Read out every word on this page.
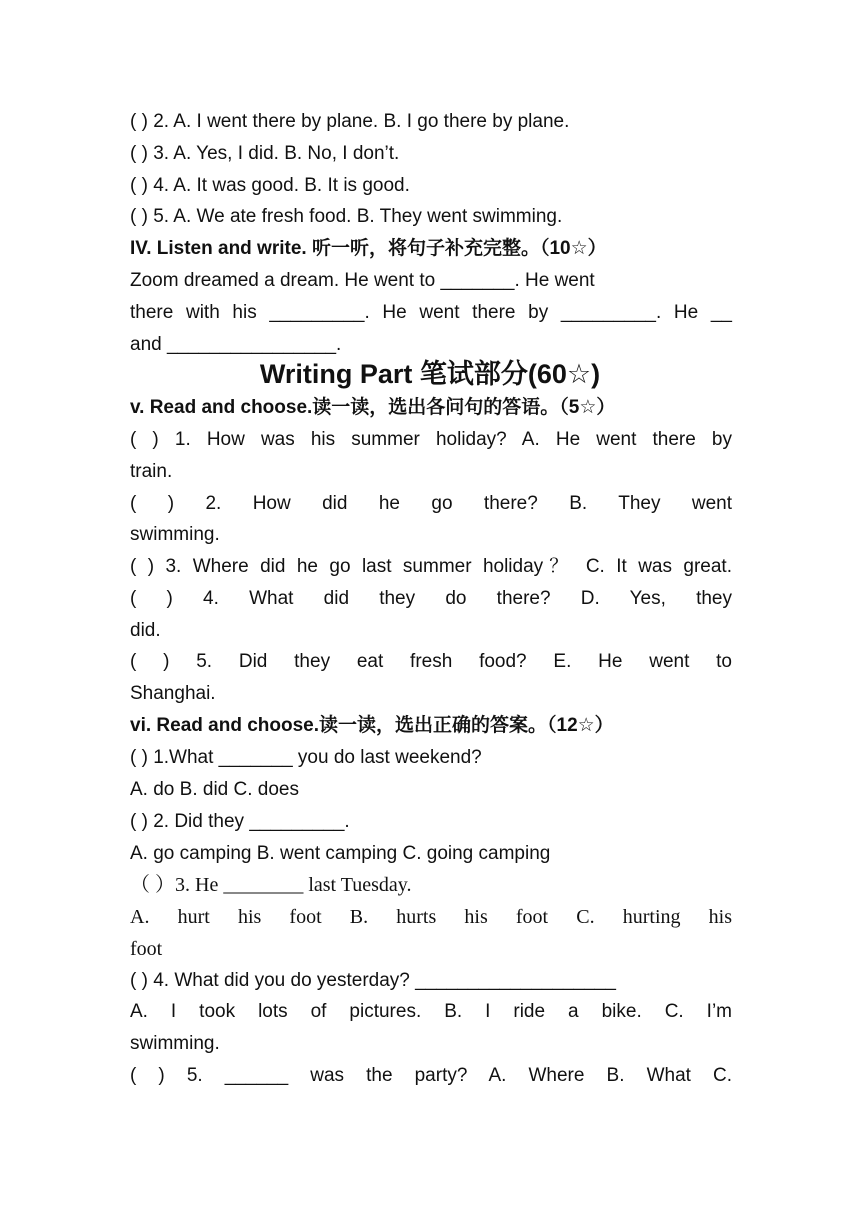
( ) 2. A. I went there by plane. B. I go there by plane.
( ) 3. A. Yes, I did. B. No, I don’t.
( ) 4. A. It was good. B. It is good.
( ) 5. A. We ate fresh food. B. They went swimming.
IV. Listen and write. 听一听，将句子补充完整。（10☆）
Zoom dreamed a dream. He went to _______. He went
there with his _________. He went there by _________. He __
and ________________.
Writing Part 笔试部分(60☆)
v. Read and choose.读一读，选出各问句的答语。（5☆）
( ) 1. How was his summer holiday? A. He went there by
train.
( ) 2. How did he go there? B. They went
swimming.
( ) 3. Where did he go last summer holiday？ C. It was great.
( ) 4. What did they do there? D. Yes, they
did.
( ) 5. Did they eat fresh food? E. He went to
Shanghai.
vi. Read and choose.读一读，选出正确的答案。（12☆）
( ) 1.What _______ you do last weekend?
A. do B. did C. does
( ) 2. Did they _________.
A. go camping B. went camping C. going camping
（ ）3. He ________ last Tuesday.
A. hurt his foot B. hurts his foot C. hurting his
foot
( ) 4. What did you do yesterday? ___________________
A. I took lots of pictures. B. I ride a bike. C. I’m
swimming.
( ) 5. ______ was the party? A. Where B. What C.
